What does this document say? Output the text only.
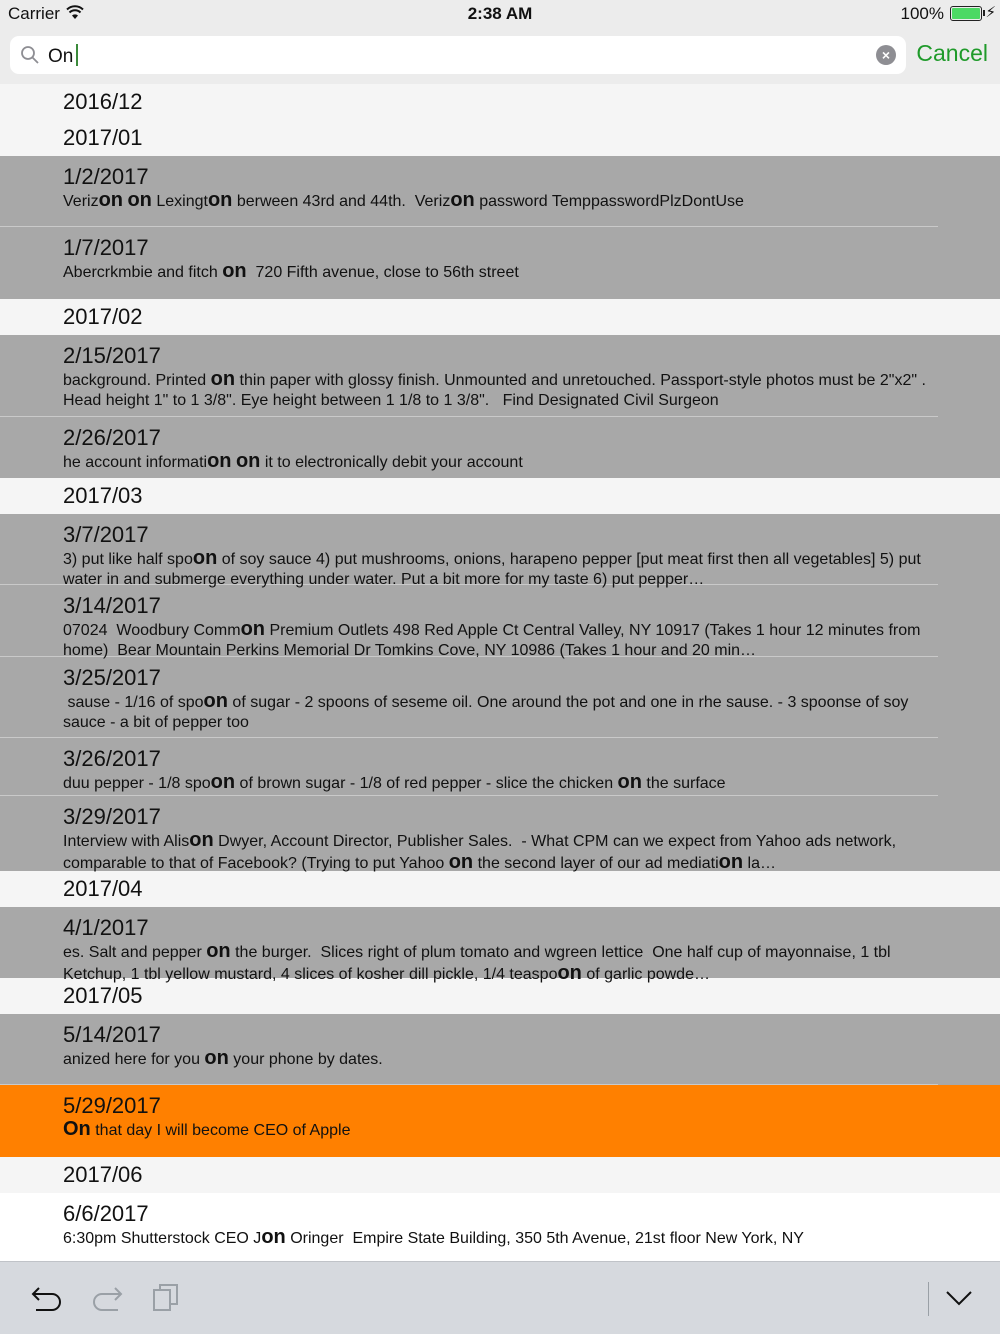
Carrier	2:38 AM	100%	⚡
On	× Cancel
2016/12
2017/01
1/2/2017
Verizon on Lexington berween 43rd and 44th.  Verizon password TemppasswordPlzDontUse
1/7/2017
Abercrkmbie and fitch on  720 Fifth avenue, close to 56th street
2017/02
2/15/2017
background. Printed on thin paper with glossy finish. Unmounted and unretouched. Passport-style photos must be 2"x2" . Head height 1" to 1 3/8". Eye height between 1 1/8 to 1 3/8".   Find Designated Civil Surgeon
2/26/2017
he account information on it to electronically debit your account
2017/03
3/7/2017
3) put like half spoon of soy sauce 4) put mushrooms, onions, harapeno pepper [put meat first then all vegetables] 5) put water in and submerge everything under water. Put a bit more for my taste 6) put pepper…
3/14/2017
07024  Woodbury Common Premium Outlets 498 Red Apple Ct Central Valley, NY 10917 (Takes 1 hour 12 minutes from home)  Bear Mountain Perkins Memorial Dr Tomkins Cove, NY 10986 (Takes 1 hour and 20 min…
3/25/2017
sause - 1/16 of spoon of sugar - 2 spoons of seseme oil. One around the pot and one in rhe sause. - 3 spoonse of soy sauce - a bit of pepper too
3/26/2017
duu pepper - 1/8 spoon of brown sugar - 1/8 of red pepper - slice the chicken on the surface
3/29/2017
Interview with Alison Dwyer, Account Director, Publisher Sales.  - What CPM can we expect from Yahoo ads network, comparable to that of Facebook? (Trying to put Yahoo on the second layer of our ad mediation la…
2017/04
4/1/2017
es. Salt and pepper on the burger.  Slices right of plum tomato and wgreen lettice  One half cup of mayonnaise, 1 tbl Ketchup, 1 tbl yellow mustard, 4 slices of kosher dill pickle, 1/4 teaspoon of garlic powde…
2017/05
5/14/2017
anized here for you on your phone by dates.
5/29/2017
On that day I will become CEO of Apple
2017/06
6/6/2017
6:30pm Shutterstock CEO Jon Oringer  Empire State Building, 350 5th Avenue, 21st floor New York, NY
